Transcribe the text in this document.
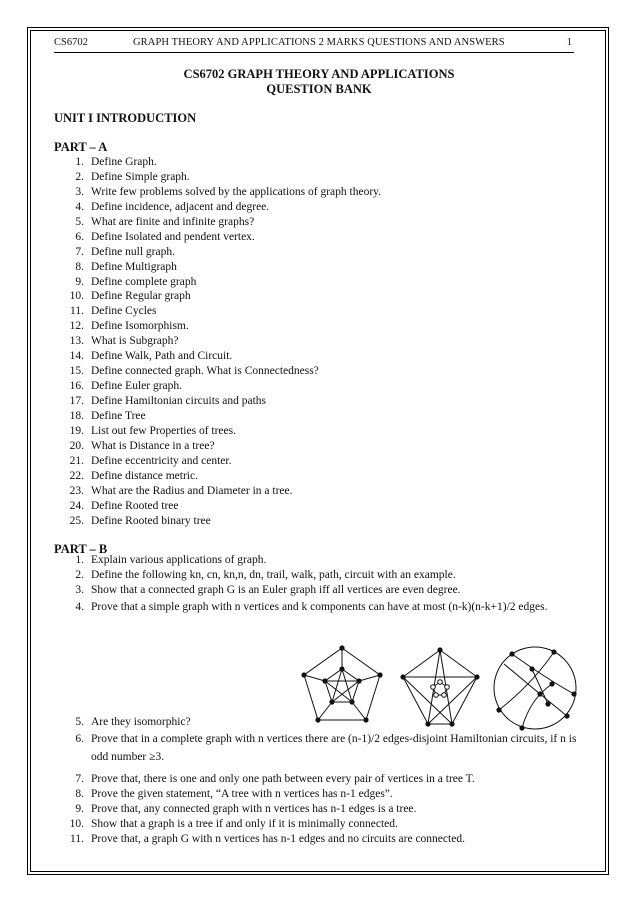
CS6702	GRAPH THEORY AND APPLICATIONS 2 MARKS QUESTIONS AND ANSWERS	1
CS6702 GRAPH THEORY AND APPLICATIONS
QUESTION BANK
UNIT I INTRODUCTION
PART – A
1. Define Graph.
2. Define Simple graph.
3. Write few problems solved by the applications of graph theory.
4. Define incidence, adjacent and degree.
5. What are finite and infinite graphs?
6. Define Isolated and pendent vertex.
7. Define null graph.
8. Define Multigraph
9. Define complete graph
10. Define Regular graph
11. Define Cycles
12. Define Isomorphism.
13. What is Subgraph?
14. Define Walk, Path and Circuit.
15. Define connected graph. What is Connectedness?
16. Define Euler graph.
17. Define Hamiltonian circuits and paths
18. Define Tree
19. List out few Properties of trees.
20. What is Distance in a tree?
21. Define eccentricity and center.
22. Define distance metric.
23. What are the Radius and Diameter in a tree.
24. Define Rooted tree
25. Define Rooted binary tree
PART – B
1. Explain various applications of graph.
2. Define the following kn, cn, kn,n, dn, trail, walk, path, circuit with an example.
3. Show that a connected graph G is an Euler graph iff all vertices are even degree.
4. Prove that a simple graph with n vertices and k components can have at most (n-k)(n-k+1)/2 edges.
5. Are they isomorphic?
6. Prove that in a complete graph with n vertices there are (n-1)/2 edges-disjoint Hamiltonian circuits, if n is odd number ≥3.
7. Prove that, there is one and only one path between every pair of vertices in a tree T.
8. Prove the given statement, “A tree with n vertices has n-1 edges”.
9. Prove that, any connected graph with n vertices has n-1 edges is a tree.
10. Show that a graph is a tree if and only if it is minimally connected.
11. Prove that, a graph G with n vertices has n-1 edges and no circuits are connected.
